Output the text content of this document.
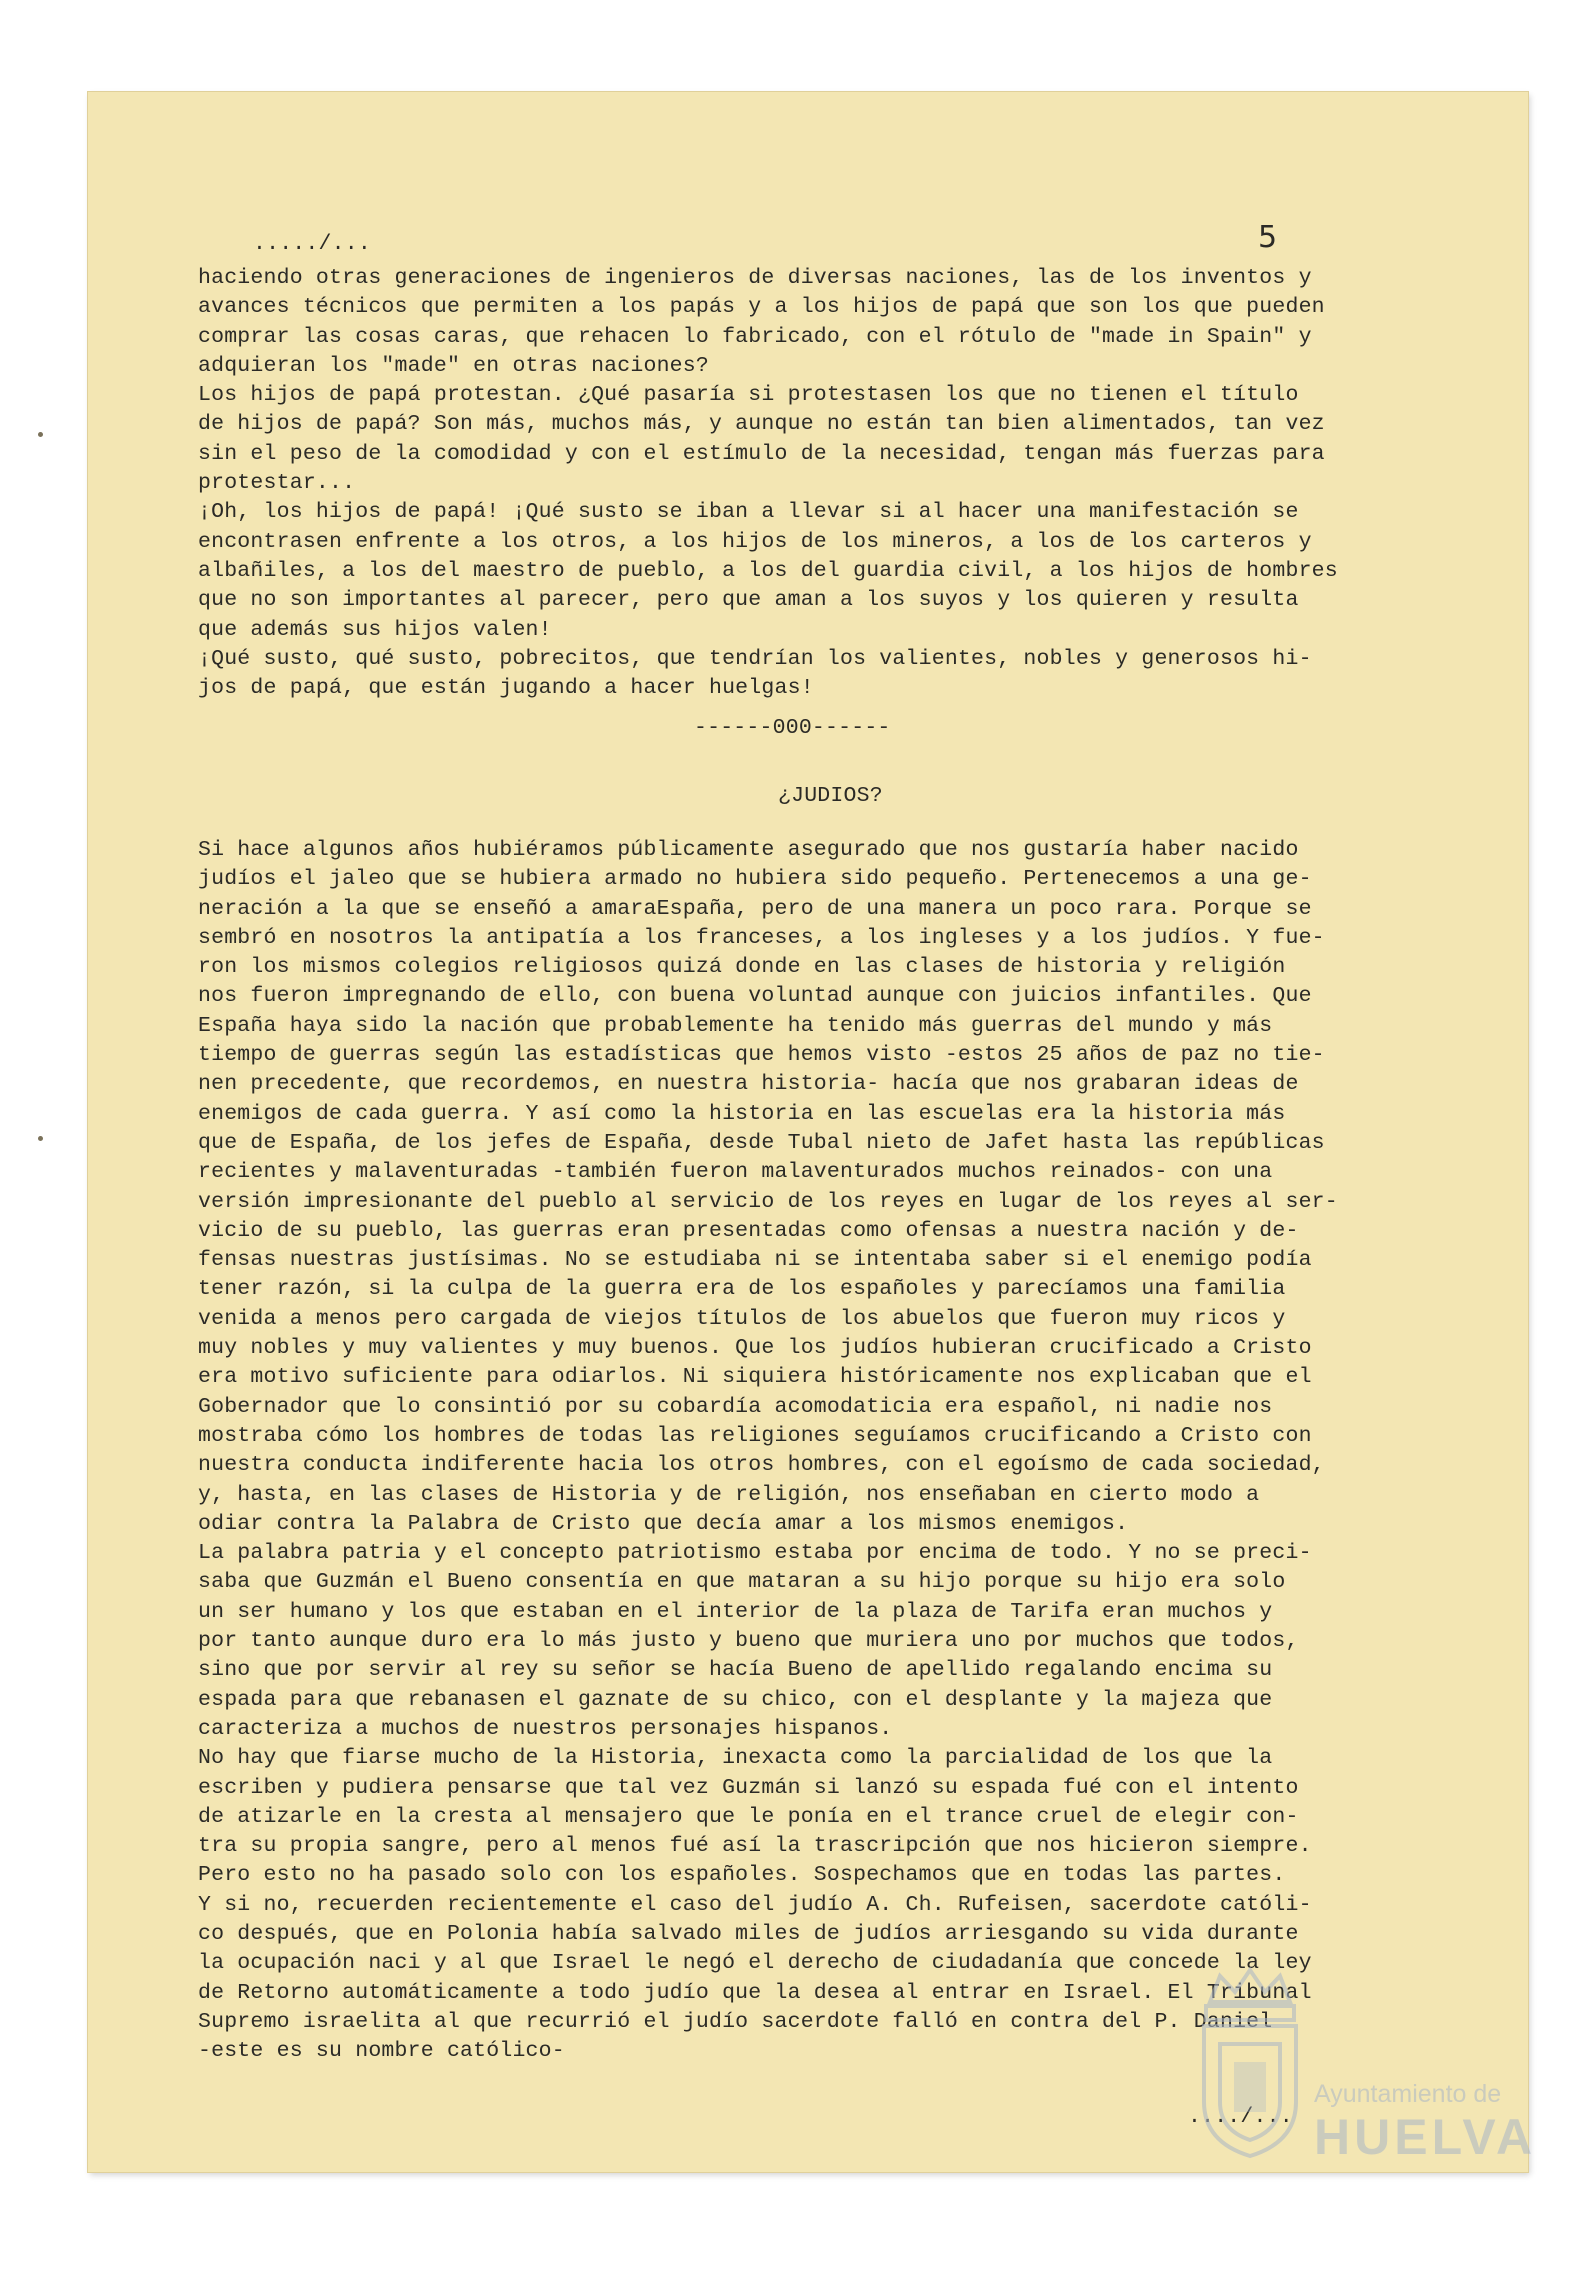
...../...	5

haciendo otras generaciones de ingenieros de diversas naciones, las de los inventos y

avances técnicos que permiten a los papás y a los hijos de papá que son los que pueden

comprar las cosas caras, que rehacen lo fabricado, con el rótulo de "made in Spain" y

adquieran los "made" en otras naciones?

Los hijos de papá protestan. ¿Qué pasaría si protestasen los que no tienen el título

de hijos de papá? Son más, muchos más, y aunque no están tan bien alimentados, tan vez

sin el peso de la comodidad y con el estímulo de la necesidad, tengan más fuerzas para

protestar...

¡Oh, los hijos de papá! ¡Qué susto se iban a llevar si al hacer una manifestación se

encontrasen enfrente a los otros, a los hijos de los mineros, a los de los carteros y

albañiles, a los del maestro de pueblo, a los del guardia civil, a los hijos de hombres

que no son importantes al parecer, pero que aman a los suyos y los quieren y resulta

que además sus hijos valen!

¡Qué susto, qué susto, pobrecitos, que tendrían los valientes, nobles y generosos hi-

jos de papá, que están jugando a hacer huelgas!

------000------
¿JUDIOS?

Si hace algunos años hubiéramos públicamente asegurado que nos gustaría haber nacido

judíos el jaleo que se hubiera armado no hubiera sido pequeño. Pertenecemos a una ge-

neración a la que se enseñó a amaraEspaña, pero de una manera un poco rara. Porque se

sembró en nosotros la antipatía a los franceses, a los ingleses y a los judíos. Y fue-

ron los mismos colegios religiosos quizá donde en las clases de historia y religión

nos fueron impregnando de ello, con buena voluntad aunque con juicios infantiles. Que

España haya sido la nación que probablemente ha tenido más guerras del mundo y más

tiempo de guerras según las estadísticas que hemos visto -estos 25 años de paz no tie-

nen precedente, que recordemos, en nuestra historia- hacía que nos grabaran ideas de

enemigos de cada guerra. Y así como la historia en las escuelas era la historia más

que de España, de los jefes de España, desde Tubal nieto de Jafet hasta las repúblicas

recientes y malaventuradas -también fueron malaventurados muchos reinados- con una

versión impresionante del pueblo al servicio de los reyes en lugar de los reyes al ser-

vicio de su pueblo, las guerras eran presentadas como ofensas a nuestra nación y de-

fensas nuestras justísimas. No se estudiaba ni se intentaba saber si el enemigo podía

tener razón, si la culpa de la guerra era de los españoles y parecíamos una familia

venida a menos pero cargada de viejos títulos de los abuelos que fueron muy ricos y

muy nobles y muy valientes y muy buenos. Que los judíos hubieran crucificado a Cristo

era motivo suficiente para odiarlos. Ni siquiera históricamente nos explicaban que el

Gobernador que lo consintió por su cobardía acomodaticia era español, ni nadie nos

mostraba cómo los hombres de todas las religiones seguíamos crucificando a Cristo con

nuestra conducta indiferente hacia los otros hombres, con el egoísmo de cada sociedad,

y, hasta, en las clases de Historia y de religión, nos enseñaban en cierto modo a

odiar contra la Palabra de Cristo que decía amar a los mismos enemigos.

La palabra patria y el concepto patriotismo estaba por encima de todo. Y no se preci-

saba que Guzmán el Bueno consentía en que mataran a su hijo porque su hijo era solo

un ser humano y los que estaban en el interior de la plaza de Tarifa eran muchos y

por tanto aunque duro era lo más justo y bueno que muriera uno por muchos que todos,

sino que por servir al rey su señor se hacía Bueno de apellido regalando encima su

espada para que rebanasen el gaznate de su chico, con el desplante y la majeza que

caracteriza a muchos de nuestros personajes hispanos.

No hay que fiarse mucho de la Historia, inexacta como la parcialidad de los que la

escriben y pudiera pensarse que tal vez Guzmán si lanzó su espada fué con el intento

de atizarle en la cresta al mensajero que le ponía en el trance cruel de elegir con-

tra su propia sangre, pero al menos fué así la trascripción que nos hicieron siempre.

Pero esto no ha pasado solo con los españoles. Sospechamos que en todas las partes.

Y si no, recuerden recientemente el caso del judío A. Ch. Rufeisen, sacerdote católi-

co después, que en Polonia había salvado miles de judíos arriesgando su vida durante

la ocupación naci y al que Israel le negó el derecho de ciudadanía que concede la ley

de Retorno automáticamente a todo judío que la desea al entrar en Israel. El Tribunal

Supremo israelita al que recurrió el judío sacerdote falló en contra del P. Daniel

-este es su nombre católico-

..../...
Ayuntamiento de
HUELVA
